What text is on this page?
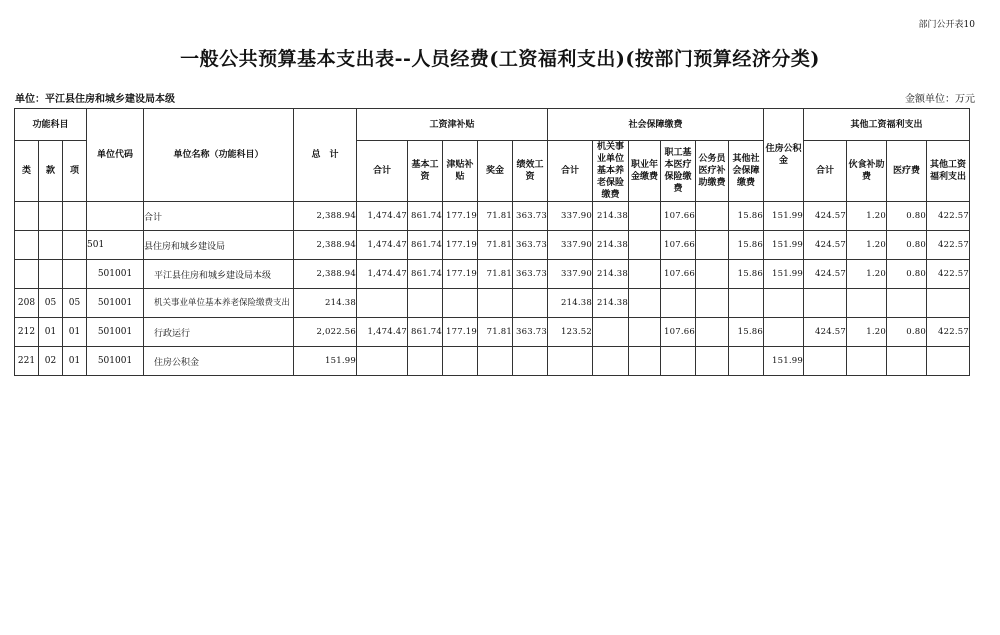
部门公开表10
一般公共预算基本支出表--人员经费(工资福利支出)(按部门预算经济分类)
单位：平江县住房和城乡建设局本级	金额单位：万元
功能科目			单位代码	单位名称（功能科目）	总　计	工资津补贴					社会保障缴费						住房公积金	其他工资福利支出			
类	款	项				合计	基本工资	津贴补贴	奖金	绩效工资	合计	机关事业单位基本养老保险缴费	职业年金缴费	职工基本医疗保险缴费	公务员医疗补助缴费	其他社会保障缴费		合计	伙食补助费	医疗费	其他工资福利支出
				合计	2,388.94	1,474.47	861.74	177.19	71.81	363.73	337.90	214.38		107.66		15.86	151.99	424.57	1.20	0.80	422.57
			501	县住房和城乡建设局	2,388.94	1,474.47	861.74	177.19	71.81	363.73	337.90	214.38		107.66		15.86	151.99	424.57	1.20	0.80	422.57
			501001	平江县住房和城乡建设局本级	2,388.94	1,474.47	861.74	177.19	71.81	363.73	337.90	214.38		107.66		15.86	151.99	424.57	1.20	0.80	422.57
208	05	05	501001	机关事业单位基本养老保险缴费支出	214.38						214.38	214.38									
212	01	01	501001	行政运行	2,022.56	1,474.47	861.74	177.19	71.81	363.73	123.52			107.66		15.86		424.57	1.20	0.80	422.57
221	02	01	501001	住房公积金	151.99												151.99				
